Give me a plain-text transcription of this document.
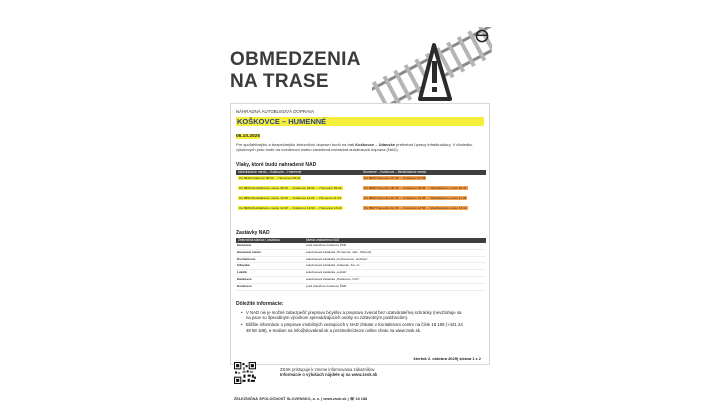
OBMEDZENIA
NA TRASE
NÁHRADNÁ AUTOBUSOVÁ DOPRAVA
KOŠKOVCE – HUMENNÉ
06.10.2025
Pre spoľahlivejšiu a bezpečnejšiu železničnú dopravu budú na trati Koškovce – Udavské prebiehať úpravy infraštruktúry. V dôsledku výlukových prác bude na uvedenom úseku zavedená náhradná autobusová doprava (NAD).
Vlaky, ktoré budú nahradené NAD
Medzilaborce mesto – Koškovce – Humenné	Humenné – Koškovce – Medzilaborce mesto
Os 8942 Koškovce 06:02 → Humenné 06:24	Os 8943 Humenné 07:36 → Koškovce 07:58
Os 8906 Medzilaborce mesto 08:18 → Koškovce 09:02 → Humenné 09:24	Os 8905 Humenné 08:36 → Koškovce 08:58 → Medzilaborce mesto 09:42
Os 8952 Medzilaborce mesto 10:18 → Koškovce 11:02 → Humenné 11:24	Os 8953 Humenné 10:36 → Koškovce 10:58 → Medzilaborce mesto 11:42
Os 8908 Medzilaborce mesto 12:18 → Koškovce 13:02 → Humenné 13:24	Os 8907 Humenné 12:36 → Koškovce 12:58 → Medzilaborce mesto 13:42
Zastávky NAD
Železničná stanica / zastávka	Miesto zastavenia NAD
Humenné	pred staničnou budovou ŽSR
Humenné mesto	autobusová zastávka „Humenné, nám. Slobody“
Kochanovce	autobusová zastávka „Kochanovce, Jednota“
Udavské	autobusová zastávka „Udavské, žel. st.“
Lukšík	autobusová zastávka „Lukšík“
Hankovce	autobusová zastávka „Hankovce, OcÚ“
Koškovce	pred staničnou budovou ŽSR
Dôležité informácie:
• V NAD nie je možné zabezpečiť prepravu bicyklov a prepravu zvierat bez uzatvárateľnej schránky (nevzťahuje sa na psov so špeciálnym výcvikom sprevádzajúcich osoby so zdravotným postihnutím).
• Bližšie informácie o preprave imobilných cestujúcich v NAD získate v Kontaktnom centre na čísle 18 188 (+421 24 48 58 188), e-mailom na info@slovakrail.sk a prostredníctvom online chatu na www.zssk.sk.
štvrtok 2. októbra 2025| strana 1 z 2
ZSSK pristupuje k zmene informovania zákazníkov.
Informácie o výlukách nájdete aj na www.zssk.sk
ŽELEZNIČNÁ SPOLOČNOSŤ SLOVENSKO, a. s. | www.zssk.sk | ☏ 18 188
